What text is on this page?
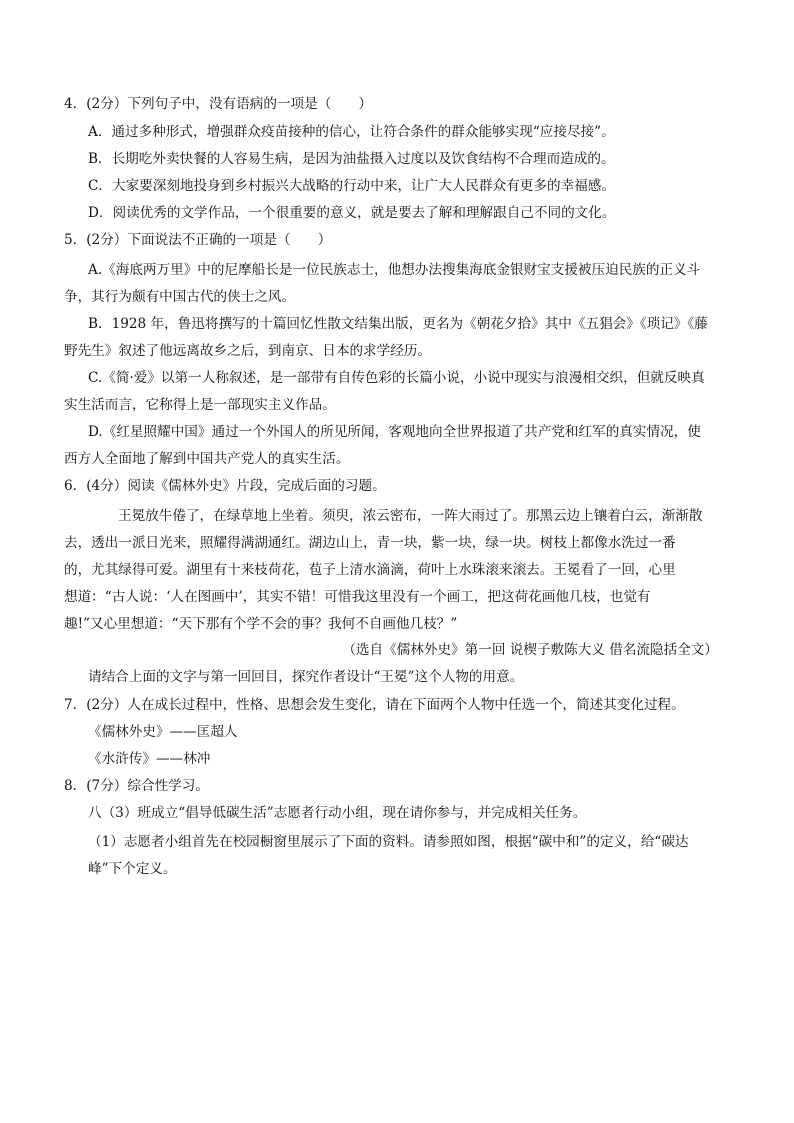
4．(2分）下列句子中，没有语病的一项是（　　）
A．通过多种形式，增强群众疫苗接种的信心，让符合条件的群众能够实现“应接尽接”。
B．长期吃外卖快餐的人容易生病，是因为油盐摄入过度以及饮食结构不合理而造成的。
C．大家要深刻地投身到乡村振兴大战略的行动中来，让广大人民群众有更多的幸福感。
D．阅读优秀的文学作品，一个很重要的意义，就是要去了解和理解跟自己不同的文化。
5．(2分）下面说法不正确的一项是（　　）
A.《海底两万里》中的尼摩船长是一位民族志士，他想办法搜集海底金银财宝支援被压迫民族的正义斗
争，其行为颇有中国古代的侠士之风。
B．1928 年，鲁迅将撰写的十篇回忆性散文结集出版，更名为《朝花夕拾》其中《五猖会》《琐记》《藤
野先生》叙述了他远离故乡之后，到南京、日本的求学经历。
C.《简·爱》以第一人称叙述，是一部带有自传色彩的长篇小说，小说中现实与浪漫相交织，但就反映真
实生活而言，它称得上是一部现实主义作品。
D.《红星照耀中国》通过一个外国人的所见所闻，客观地向全世界报道了共产党和红军的真实情况，使
西方人全面地了解到中国共产党人的真实生活。
6．(4分）阅读《儒林外史》片段，完成后面的习题。
王冕放牛倦了，在绿草地上坐着。须臾，浓云密布，一阵大雨过了。那黑云边上镶着白云，渐渐散
去，透出一派日光来，照耀得满湖通红。湖边山上，青一块，紫一块，绿一块。树枝上都像水洗过一番
的，尤其绿得可爱。湖里有十来枝荷花，苞子上清水滴滴，荷叶上水珠滚来滚去。王冕看了一回，心里
想道：“古人说：‘人在图画中’，其实不错！可惜我这里没有一个画工，把这荷花画他几枝，也觉有
趣!”又心里想道：“天下那有个学不会的事？我何不自画他几枝？”
（选自《儒林外史》第一回 说楔子敷陈大义 借名流隐括全文）
请结合上面的文字与第一回回目，探究作者设计“王冕”这个人物的用意。
7．(2分）人在成长过程中，性格、思想会发生变化，请在下面两个人物中任选一个，简述其变化过程。
《儒林外史》——匡超人
《水浒传》——林冲
8．(7分）综合性学习。
八（3）班成立“倡导低碳生活”志愿者行动小组，现在请你参与，并完成相关任务。
（1）志愿者小组首先在校园橱窗里展示了下面的资料。请参照如图，根据“碳中和”的定义，给“碳达
峰”下个定义。
